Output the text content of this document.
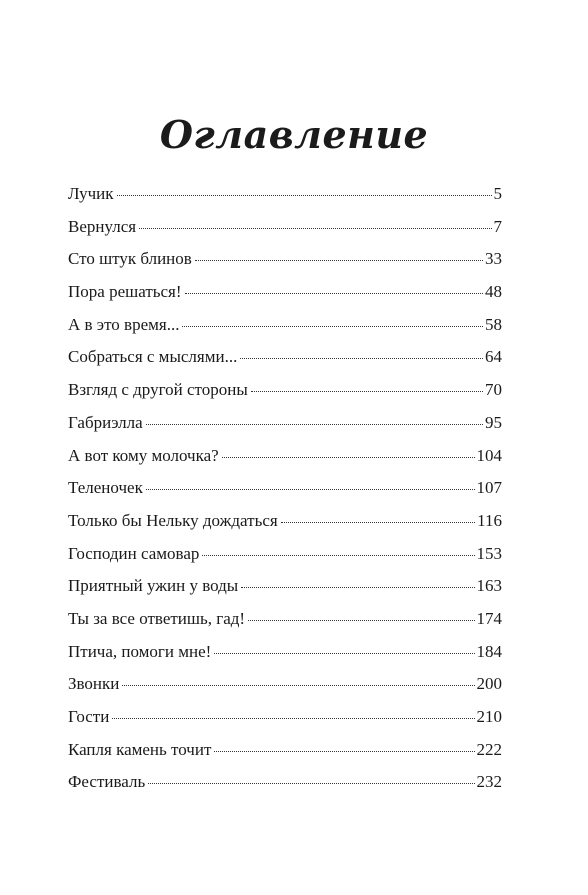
Оглавление
Лучик	5
Вернулся	7
Сто штук блинов	33
Пора решаться!	48
А в это время...	58
Собраться с мыслями...	64
Взгляд с другой стороны	70
Габриэлла	95
А вот кому молочка?	104
Теленочек	107
Только бы Нельку дождаться	116
Господин самовар	153
Приятный ужин у воды	163
Ты за все ответишь, гад!	174
Птича, помоги мне!	184
Звонки	200
Гости	210
Капля камень точит	222
Фестиваль	232
